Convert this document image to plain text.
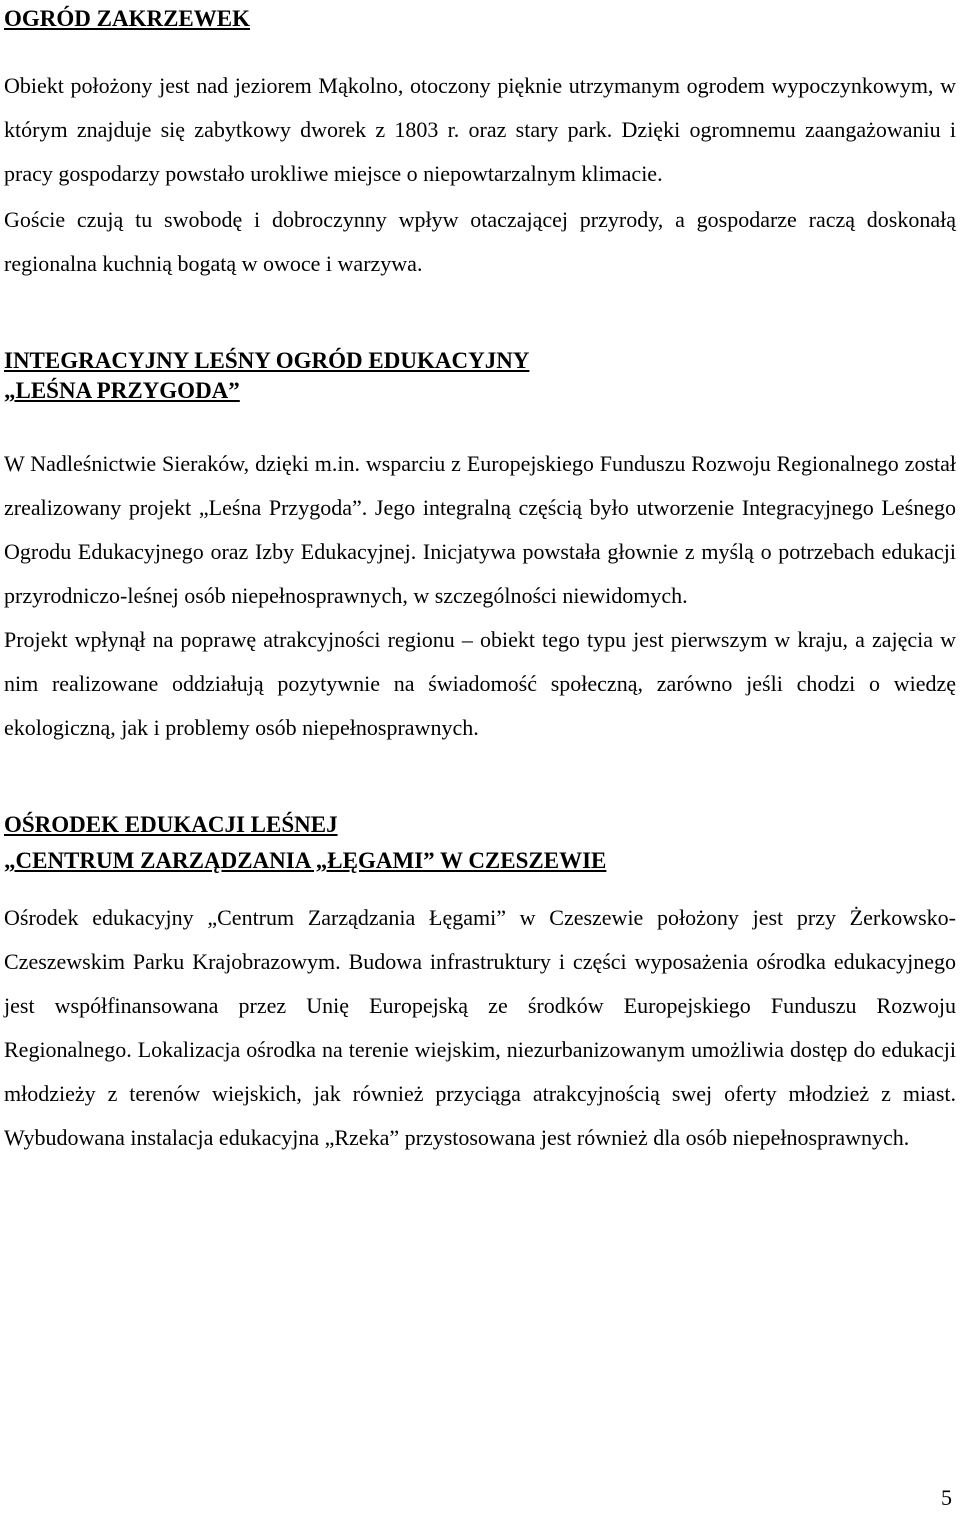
OGRÓD ZAKRZEWEK

Obiekt położony jest nad jeziorem Mąkolno, otoczony pięknie utrzymanym ogrodem wypoczynkowym, w którym znajduje się zabytkowy dworek z 1803 r. oraz stary park. Dzięki ogromnemu zaangażowaniu i pracy gospodarzy powstało urokliwe miejsce o niepowtarzalnym klimacie.

Goście czują tu swobodę i dobroczynny wpływ otaczającej przyrody, a gospodarze raczą doskonałą regionalna kuchnią bogatą w owoce i warzywa.

INTEGRACYJNY LEŚNY OGRÓD EDUKACYJNY
„LEŚNA PRZYGODA”

W Nadleśnictwie Sieraków, dzięki m.in. wsparciu z Europejskiego Funduszu Rozwoju Regionalnego został zrealizowany projekt „Leśna Przygoda”. Jego integralną częścią było utworzenie Integracyjnego Leśnego Ogrodu Edukacyjnego oraz Izby Edukacyjnej. Inicjatywa powstała głownie z myślą o potrzebach edukacji przyrodniczo-leśnej osób niepełnosprawnych, w szczególności niewidomych.

Projekt wpłynął na poprawę atrakcyjności regionu – obiekt tego typu jest pierwszym w kraju, a zajęcia w nim realizowane oddziałują pozytywnie na świadomość społeczną, zarówno jeśli chodzi o wiedzę ekologiczną, jak i problemy osób niepełnosprawnych.

OŚRODEK EDUKACJI LEŚNEJ
„CENTRUM ZARZĄDZANIA „ŁĘGAMI” W CZESZEWIE

Ośrodek edukacyjny „Centrum Zarządzania Łęgami” w Czeszewie położony jest przy Żerkowsko-Czeszewskim Parku Krajobrazowym. Budowa infrastruktury i części wyposażenia ośrodka edukacyjnego jest współfinansowana przez Unię Europejską ze środków Europejskiego Funduszu Rozwoju Regionalnego. Lokalizacja ośrodka na terenie wiejskim, niezurbanizowanym umożliwia dostęp do edukacji młodzieży z terenów wiejskich, jak również przyciąga atrakcyjnością swej oferty młodzież z miast. Wybudowana instalacja edukacyjna „Rzeka” przystosowana jest również dla osób niepełnosprawnych.

5
